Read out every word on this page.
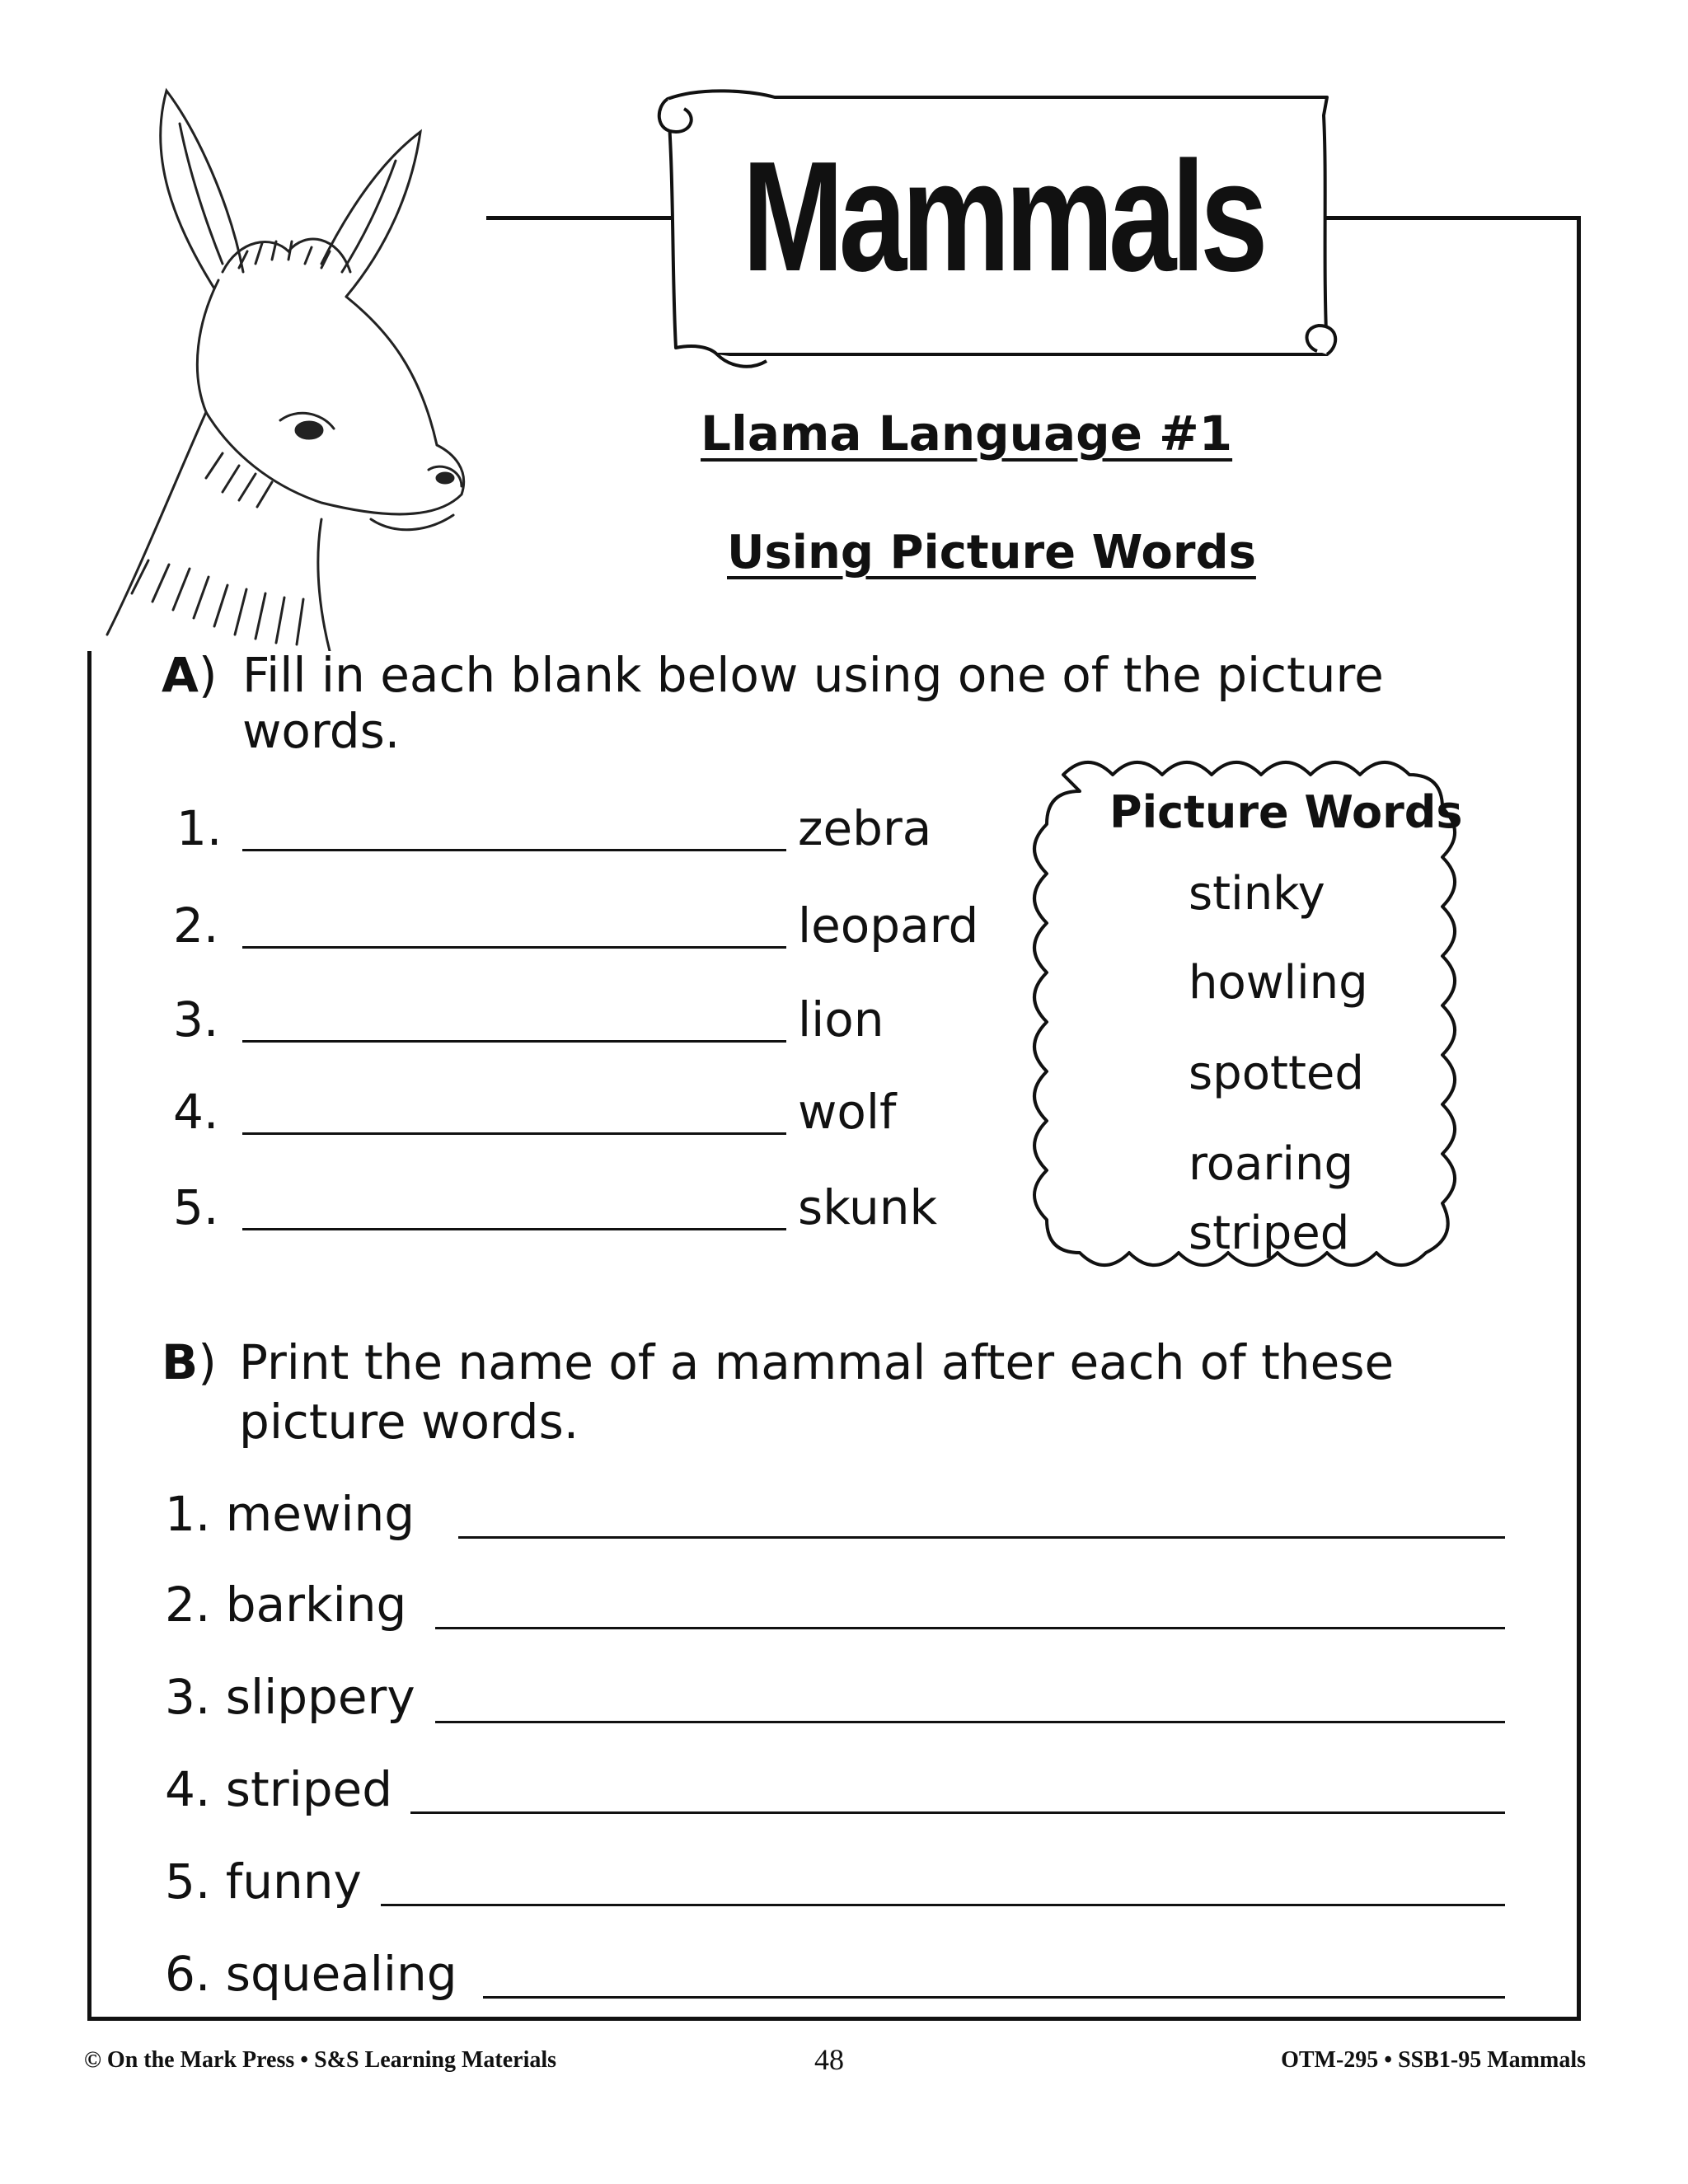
Mammals
Llama Language #1
Using Picture Words
A) Fill in each blank below using one of the picture
words.
1.	zebra
2.	leopard
3.	lion
4.	wolf
5.	skunk
Picture Words
stinky
howling
spotted
roaring
striped
B) Print the name of a mammal after each of these
picture words.
1. mewing
2. barking
3. slippery
4. striped
5. funny
6. squealing
© On the Mark Press • S&S Learning Materials	48	OTM-295 • SSB1-95 Mammals
